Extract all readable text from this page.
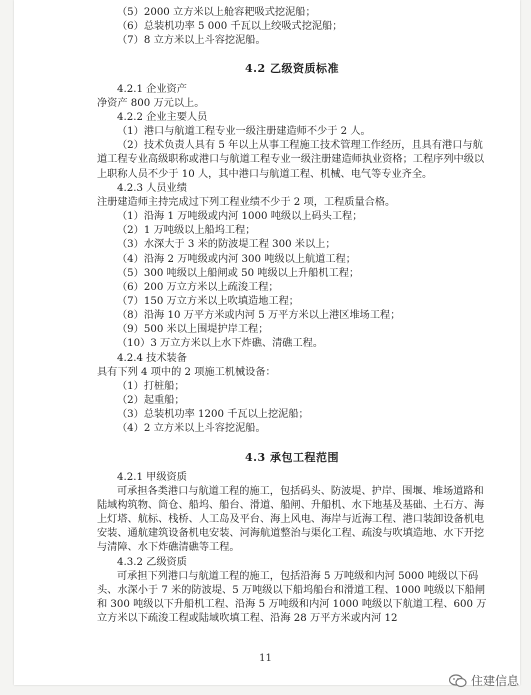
（5）2000 立方米以上舱容耙吸式挖泥船；
（6）总装机功率 5 000 千瓦以上绞吸式挖泥船；
（7）8 立方米以上斗容挖泥船。
4.2 乙级资质标准
4.2.1 企业资产
净资产 800 万元以上。
4.2.2 企业主要人员
（1）港口与航道工程专业一级注册建造师不少于 2 人。
（2）技术负责人具有 5 年以上从事工程施工技术管理工作经历，且具有港口与航道工程专业高级职称或港口与航道工程专业一级注册建造师执业资格；工程序列中级以上职称人员不少于 10 人，其中港口与航道工程、机械、电气等专业齐全。
4.2.3 人员业绩
注册建造师主持完成过下列工程业绩不少于 2 项，工程质量合格。
（1）沿海 1 万吨级或内河 1000 吨级以上码头工程；
（2）1 万吨级以上船坞工程；
（3）水深大于 3 米的防波堤工程 300 米以上；
（4）沿海 2 万吨级或内河 300 吨级以上航道工程；
（5）300 吨级以上船闸或 50 吨级以上升船机工程；
（6）200 万立方米以上疏浚工程；
（7）150 万立方米以上吹填造地工程；
（8）沿海 10 万平方米或内河 5 万平方米以上港区堆场工程；
（9）500 米以上围堤护岸工程；
（10）3 万立方米以上水下炸礁、清礁工程。
4.2.4 技术装备
具有下列 4 项中的 2 项施工机械设备：
（1）打桩船；
（2）起重船；
（3）总装机功率 1200 千瓦以上挖泥船；
（4）2 立方米以上斗容挖泥船。
4.3 承包工程范围
4.2.1 甲级资质
可承担各类港口与航道工程的施工，包括码头、防波堤、护岸、围堰、堆场道路和陆域构筑物、筒仓、船坞、船台、滑道、船闸、升船机、水下地基及基础、土石方、海上灯塔、航标、栈桥、人工岛及平台、海上风电、海岸与近海工程、港口装卸设备机电安装、通航建筑设备机电安装、河海航道整治与渠化工程、疏浚与吹填造地、水下开挖与清障、水下炸礁清礁等工程。
4.3.2 乙级资质
可承担下列港口与航道工程的施工，包括沿海 5 万吨级和内河 5000 吨级以下码头、水深小于 7 米的防波堤、5 万吨级以下船坞船台和滑道工程、1000 吨级以下船闸和 300 吨级以下升船机工程、沿海 5 万吨级和内河 1000 吨级以下航道工程、600 万立方米以下疏浚工程或陆域吹填工程、沿海 28 万平方米或内河 12
11
住建信息
